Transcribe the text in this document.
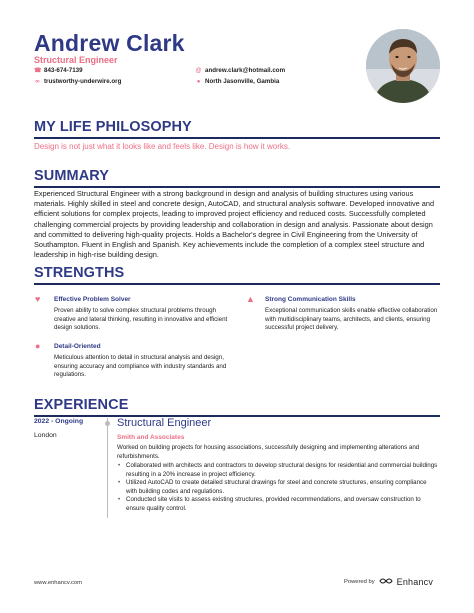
Andrew Clark
Structural Engineer
☎ 843-674-7139
∞ trustworthy-underwire.org
@ andrew.clark@hotmail.com
● North Jasonville, Gambia
MY LIFE PHILOSOPHY
Design is not just what it looks like and feels like. Design is how it works.
SUMMARY
Experienced Structural Engineer with a strong background in design and analysis of building structures using various materials. Highly skilled in steel and concrete design, AutoCAD, and structural analysis software. Developed innovative and efficient solutions for complex projects, leading to improved project efficiency and reduced costs. Successfully completed challenging commercial projects by providing leadership and collaboration in design and analysis. Passionate about design and committed to delivering high-quality projects. Holds a Bachelor's degree in Civil Engineering from the University of Southampton. Fluent in English and Spanish. Key achievements include the completion of a complex steel structure and leadership in high-rise building design.
STRENGTHS
♥ Effective Problem Solver
Proven ability to solve complex structural problems through creative and lateral thinking, resulting in innovative and efficient design solutions.
▲ Strong Communication Skills
Exceptional communication skills enable effective collaboration with multidisciplinary teams, architects, and clients, ensuring successful project delivery.
● Detail-Oriented
Meticulous attention to detail in structural analysis and design, ensuring accuracy and compliance with industry standards and regulations.
EXPERIENCE
2022 - Ongoing
London
Structural Engineer
Smith and Associates
Worked on building projects for housing associations, successfully designing and implementing alterations and refurbishments.
• Collaborated with architects and contractors to develop structural designs for residential and commercial buildings resulting in a 20% increase in project efficiency.
• Utilized AutoCAD to create detailed structural drawings for steel and concrete structures, ensuring compliance with building codes and regulations.
• Conducted site visits to assess existing structures, provided recommendations, and oversaw construction to ensure quality control.
www.enhancv.com	Powered by Enhancv
